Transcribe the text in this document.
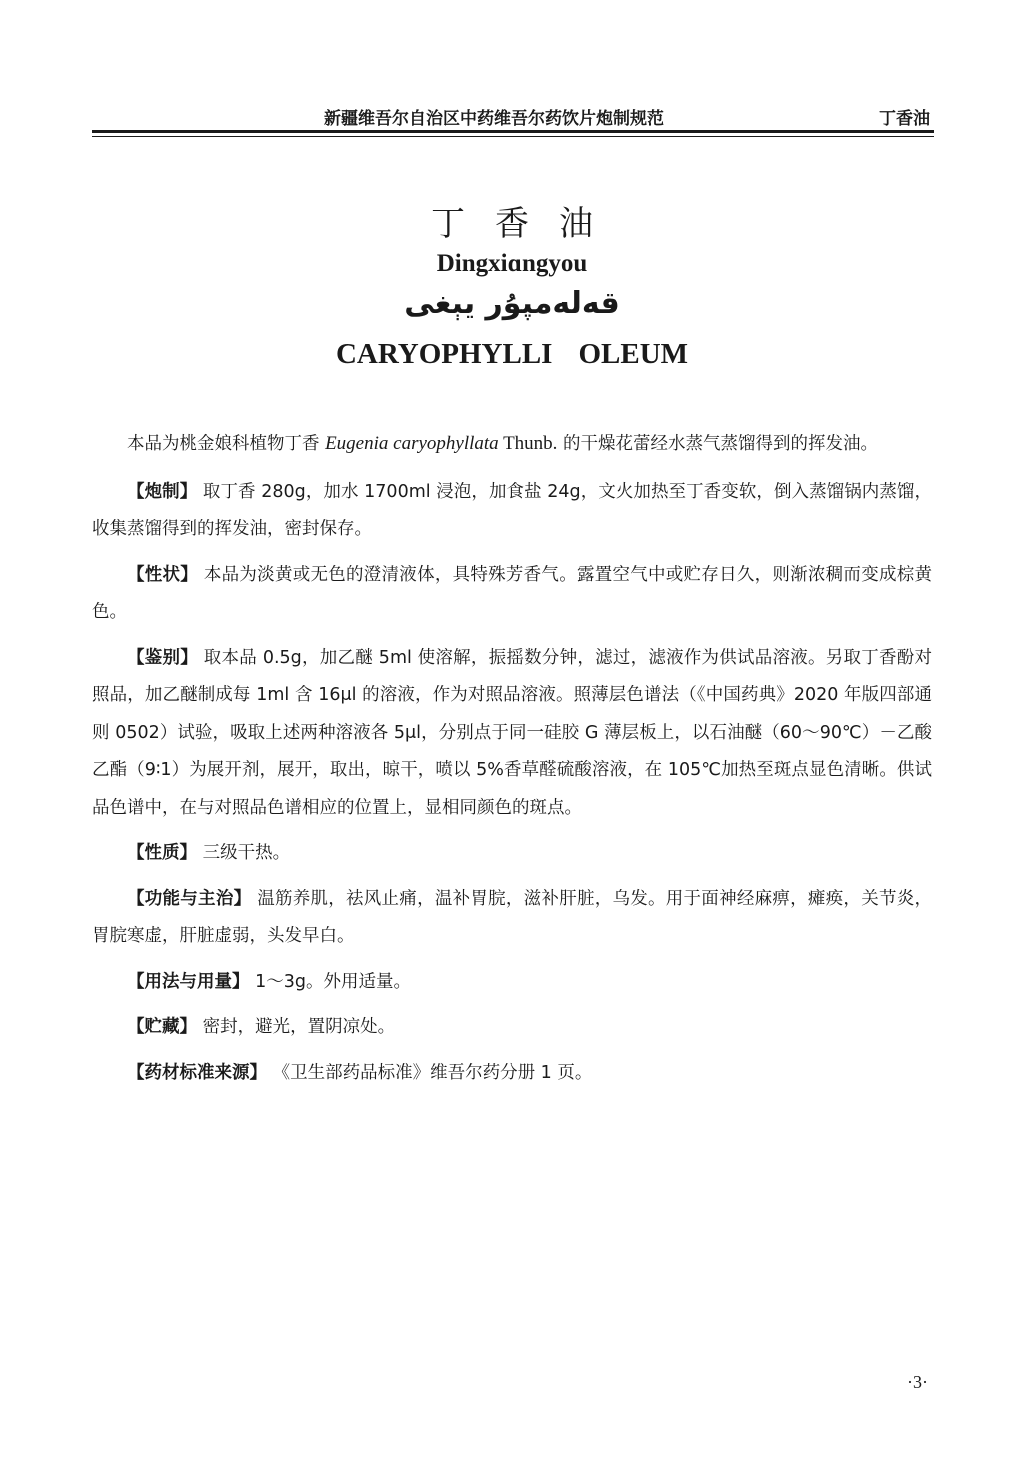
新疆维吾尔自治区中药维吾尔药饮片炮制规范	丁香油
丁香油
Dingxiɑngyou
قەلەمپۇر يېغى
CARYOPHYLLI OLEUM

本品为桃金娘科植物丁香 Eugenia caryophyllata Thunb. 的干燥花蕾经水蒸气蒸馏得到的挥发油。

【炮制】 取丁香 280g，加水 1700ml 浸泡，加食盐 24g，文火加热至丁香变软，倒入蒸馏锅内蒸馏，收集蒸馏得到的挥发油，密封保存。

【性状】 本品为淡黄或无色的澄清液体，具特殊芳香气。露置空气中或贮存日久，则渐浓稠而变成棕黄色。

【鉴别】 取本品 0.5g，加乙醚 5ml 使溶解，振摇数分钟，滤过，滤液作为供试品溶液。另取丁香酚对照品，加乙醚制成每 1ml 含 16μl 的溶液，作为对照品溶液。照薄层色谱法（《中国药典》2020 年版四部通则 0502）试验，吸取上述两种溶液各 5μl，分别点于同一硅胶 G 薄层板上，以石油醚（60～90℃）－乙酸乙酯（9∶1）为展开剂，展开，取出，晾干，喷以 5%香草醛硫酸溶液，在 105℃加热至斑点显色清晰。供试品色谱中，在与对照品色谱相应的位置上，显相同颜色的斑点。

【性质】 三级干热。

【功能与主治】 温筋养肌，祛风止痛，温补胃脘，滋补肝脏，乌发。用于面神经麻痹，瘫痪，关节炎，胃脘寒虚，肝脏虚弱，头发早白。

【用法与用量】 1～3g。外用适量。

【贮藏】 密封，避光，置阴凉处。

【药材标准来源】 《卫生部药品标准》维吾尔药分册 1 页。

·3·
